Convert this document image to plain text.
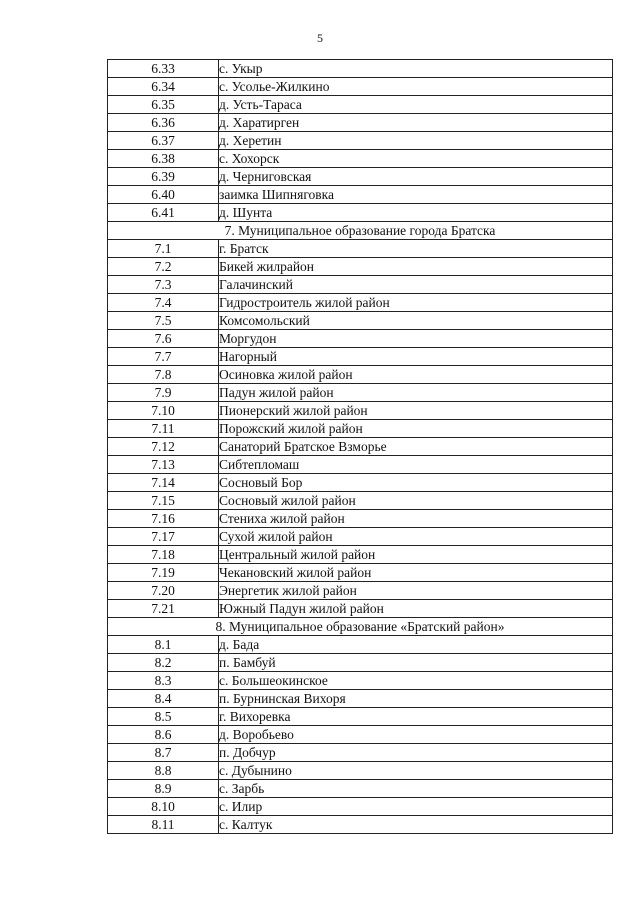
5
6.33	с. Укыр
6.34	с. Усолье-Жилкино
6.35	д. Усть-Тараса
6.36	д. Харатирген
6.37	д. Херетин
6.38	с. Хохорск
6.39	д. Черниговская
6.40	заимка Шипняговка
6.41	д. Шунта
7. Муниципальное образование города Братска	
7.1	г. Братск
7.2	Бикей жилрайон
7.3	Галачинский
7.4	Гидростроитель жилой район
7.5	Комсомольский
7.6	Моргудон
7.7	Нагорный
7.8	Осиновка жилой район
7.9	Падун жилой район
7.10	Пионерский жилой район
7.11	Порожский жилой район
7.12	Санаторий Братское Взморье
7.13	Сибтепломаш
7.14	Сосновый Бор
7.15	Сосновый жилой район
7.16	Стениха жилой район
7.17	Сухой жилой район
7.18	Центральный жилой район
7.19	Чекановский жилой район
7.20	Энергетик жилой район
7.21	Южный Падун жилой район
8. Муниципальное образование «Братский район»	
8.1	д. Бада
8.2	п. Бамбуй
8.3	с. Большеокинское
8.4	п. Бурнинская Вихоря
8.5	г. Вихоревка
8.6	д. Воробьево
8.7	п. Добчур
8.8	с. Дубынино
8.9	с. Зарбь
8.10	с. Илир
8.11	с. Калтук
